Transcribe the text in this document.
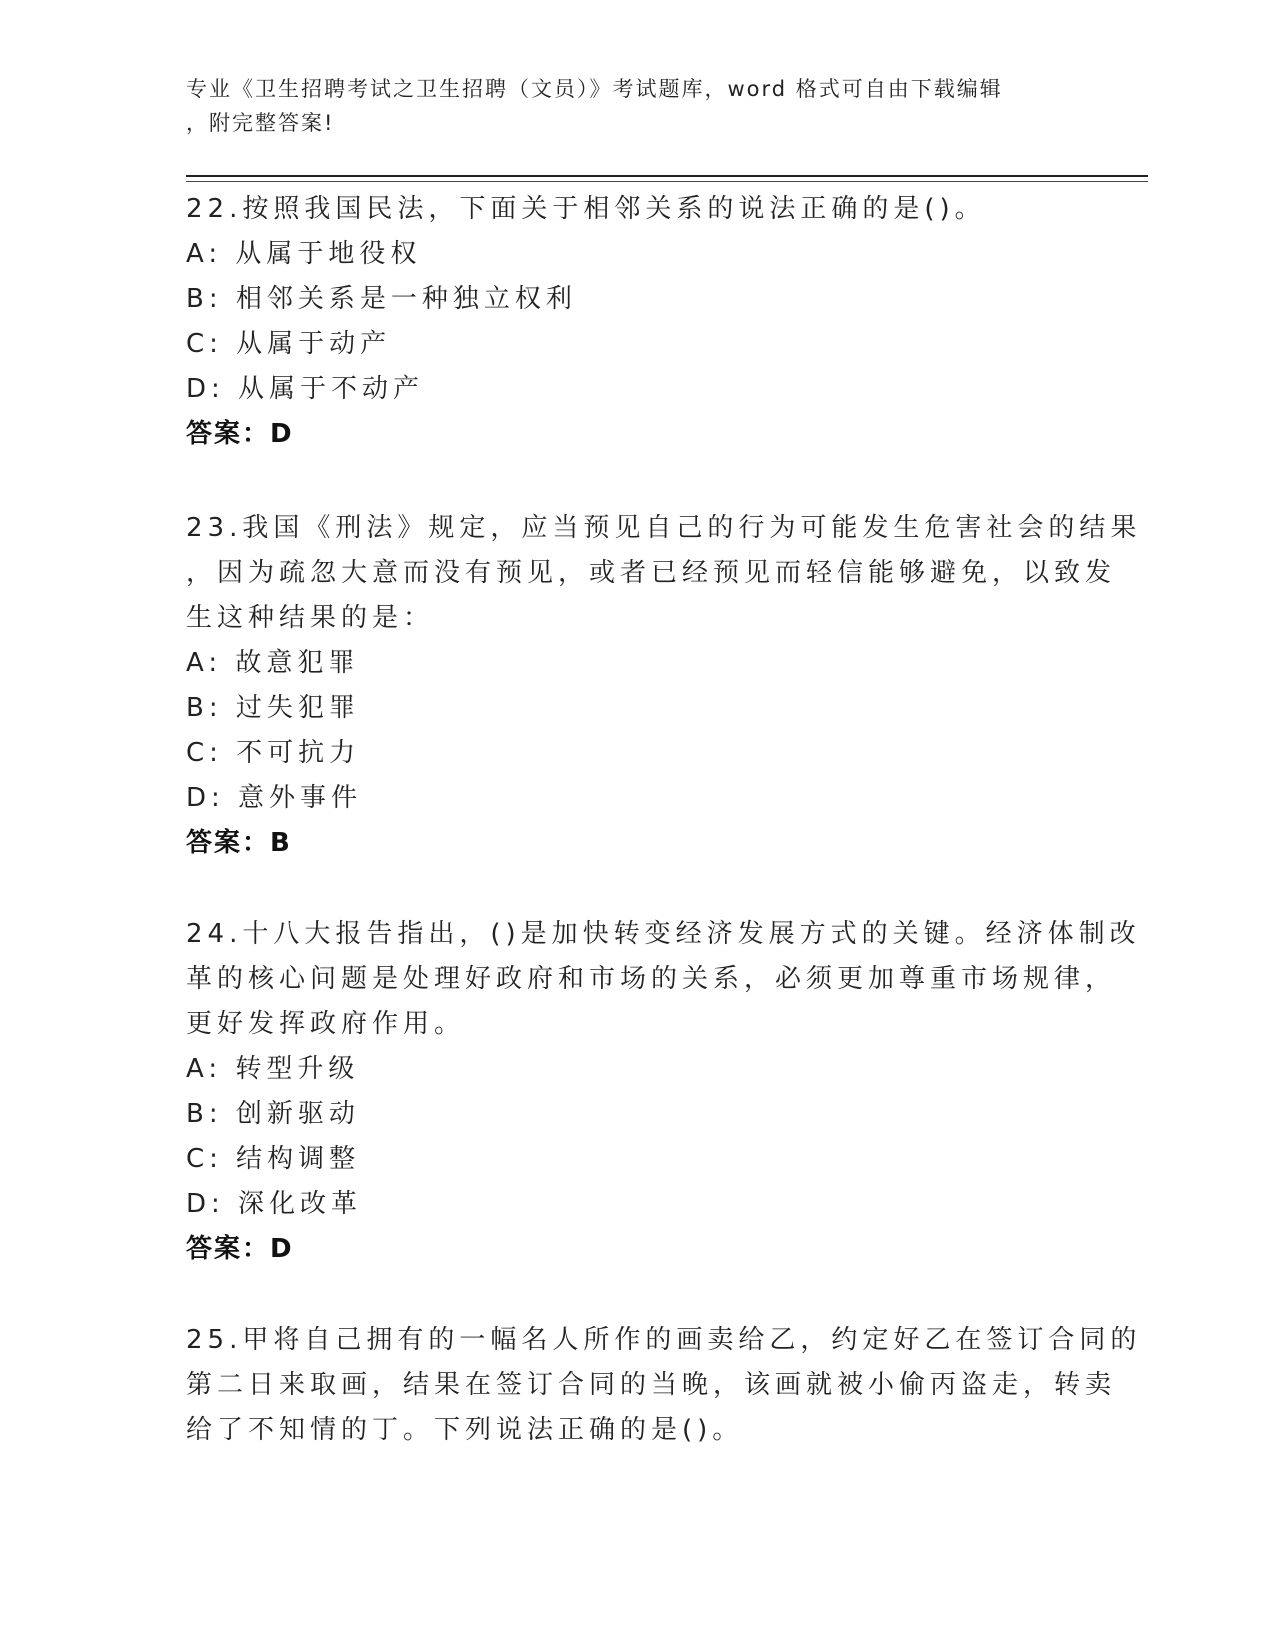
专业《卫生招聘考试之卫生招聘（文员）》考试题库，word 格式可自由下载编辑
，附完整答案!
22.按照我国民法，下面关于相邻关系的说法正确的是()。
A: 从属于地役权
B: 相邻关系是一种独立权利
C: 从属于动产
D: 从属于不动产
答案：D
23.我国《刑法》规定，应当预见自己的行为可能发生危害社会的结果
，因为疏忽大意而没有预见，或者已经预见而轻信能够避免，以致发
生这种结果的是：
A: 故意犯罪
B: 过失犯罪
C: 不可抗力
D: 意外事件
答案：B
24.十八大报告指出，()是加快转变经济发展方式的关键。经济体制改
革的核心问题是处理好政府和市场的关系，必须更加尊重市场规律，
更好发挥政府作用。
A: 转型升级
B: 创新驱动
C: 结构调整
D: 深化改革
答案：D
25.甲将自己拥有的一幅名人所作的画卖给乙，约定好乙在签订合同的
第二日来取画，结果在签订合同的当晚，该画就被小偷丙盗走，转卖
给了不知情的丁。下列说法正确的是()。
